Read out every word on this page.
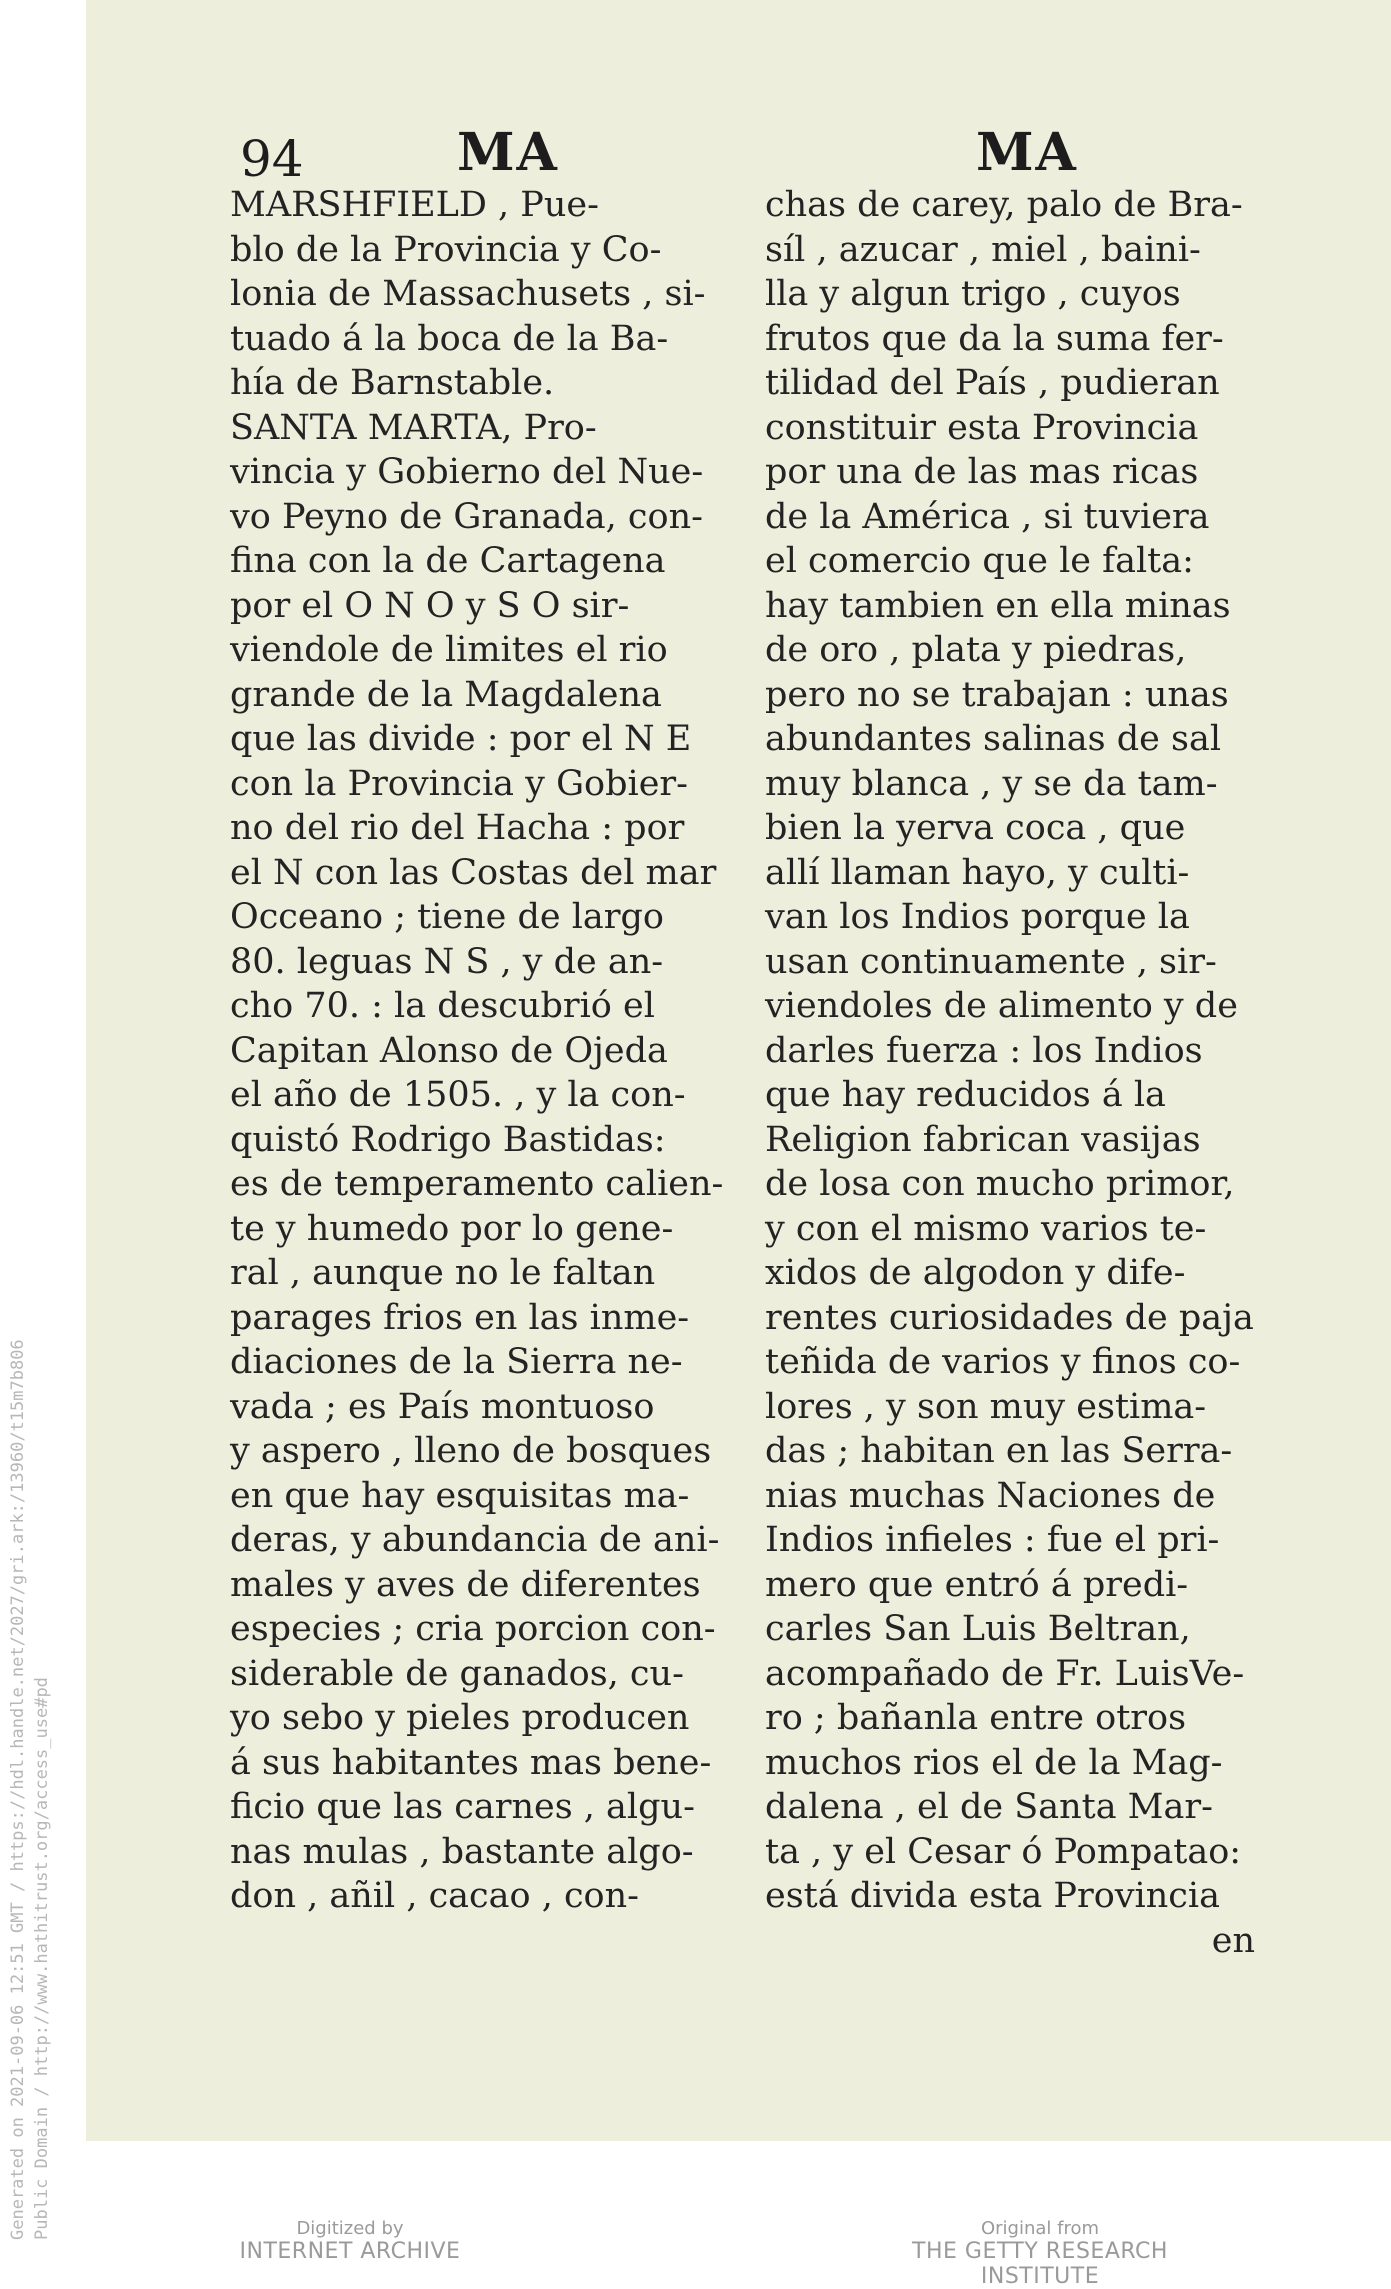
Generated on 2021-09-06 12:51 GMT / https://hdl.handle.net/2027/gri.ark:/13960/t15m7b806 Public Domain / http://www.hathitrust.org/access_use#pd
94	MA	MA
MARSHFIELD , Pue-
blo de la Provincia y Co-
lonia de Massachusets , si-
tuado á la boca de la Ba-
hía de Barnstable.
SANTA MARTA, Pro-
vincia y Gobierno del Nue-
vo Peyno de Granada, con-
fina con la de Cartagena
por el O N O y S O sir-
viendole de limites el rio
grande de la Magdalena
que las divide : por el N E
con la Provincia y Gobier-
no del rio del Hacha : por
el N con las Costas del mar
Occeano ; tiene de largo
80. leguas N S , y de an-
cho 70. : la descubrió el
Capitan Alonso de Ojeda
el año de 1505. , y la con-
quistó Rodrigo Bastidas:
es de temperamento calien-
te y humedo por lo gene-
ral , aunque no le faltan
parages frios en las inme-
diaciones de la Sierra ne-
vada ; es País montuoso
y aspero , lleno de bosques
en que hay esquisitas ma-
deras, y abundancia de ani-
males y aves de diferentes
especies ; cria porcion con-
siderable de ganados, cu-
yo sebo y pieles producen
á sus habitantes mas bene-
ficio que las carnes , algu-
nas mulas , bastante algo-
don , añil , cacao , con-
chas de carey, palo de Bra-
síl , azucar , miel , baini-
lla y algun trigo , cuyos
frutos que da la suma fer-
tilidad del País , pudieran
constituir esta Provincia
por una de las mas ricas
de la América , si tuviera
el comercio que le falta:
hay tambien en ella minas
de oro , plata y piedras,
pero no se trabajan : unas
abundantes salinas de sal
muy blanca , y se da tam-
bien la yerva coca , que
allí llaman hayo, y culti-
van los Indios porque la
usan continuamente , sir-
viendoles de alimento y de
darles fuerza : los Indios
que hay reducidos á la
Religion fabrican vasijas
de losa con mucho primor,
y con el mismo varios te-
xidos de algodon y dife-
rentes curiosidades de paja
teñida de varios y finos co-
lores , y son muy estima-
das ; habitan en las Serra-
nias muchas Naciones de
Indios infieles : fue el pri-
mero que entró á predi-
carles San Luis Beltran,
acompañado de Fr. LuisVe-
ro ; bañanla entre otros
muchos rios el de la Mag-
dalena , el de Santa Mar-
ta , y el Cesar ó Pompatao:
está divida esta Provincia
en
Digitized by
INTERNET ARCHIVE
Original from
THE GETTY RESEARCH INSTITUTE
